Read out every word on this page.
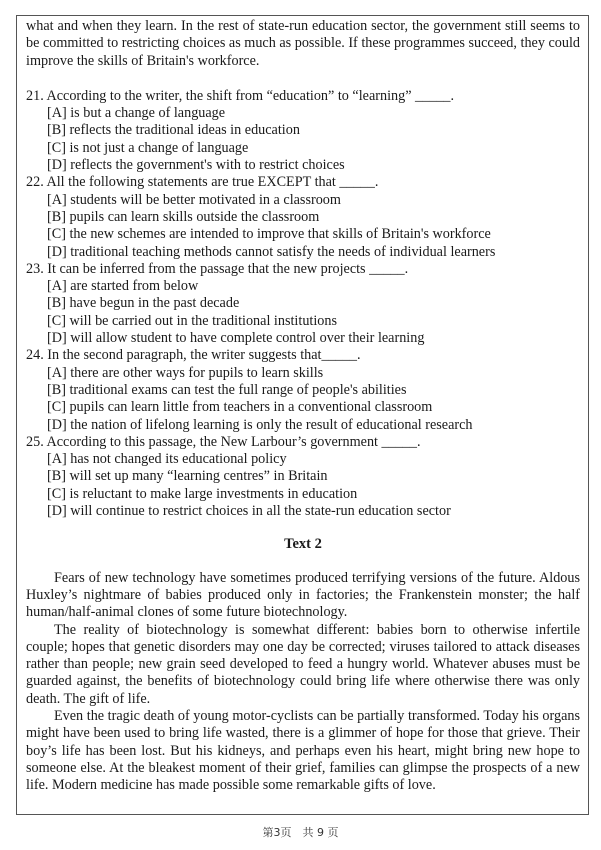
what and when they learn. In the rest of state-run education sector, the government still seems to be committed to restricting choices as much as possible. If these programmes succeed, they could improve the skills of Britain's workforce.

21. According to the writer, the shift from “education” to “learning” _____.

[A] is but a change of language

[B] reflects the traditional ideas in education

[C] is not just a change of language

[D] reflects the government's with to restrict choices

22. All the following statements are true EXCEPT that _____.

[A] students will be better motivated in a classroom

[B] pupils can learn skills outside the classroom

[C] the new schemes are intended to improve that skills of Britain's workforce

[D] traditional teaching methods cannot satisfy the needs of individual learners

23. It can be inferred from the passage that the new projects _____.

[A] are started from below

[B] have begun in the past decade

[C] will be carried out in the traditional institutions

[D] will allow student to have complete control over their learning

24. In the second paragraph, the writer suggests that_____.

[A] there are other ways for pupils to learn skills

[B] traditional exams can test the full range of people's abilities

[C] pupils can learn little from teachers in a conventional classroom

[D] the nation of lifelong learning is only the result of educational research

25. According to this passage, the New Larbour’s government _____.

[A] has not changed its educational policy

[B] will set up many “learning centres” in Britain

[C] is reluctant to make large investments in education

[D] will continue to restrict choices in all the state-run education sector

Text 2

Fears of new technology have sometimes produced terrifying versions of the future. Aldous Huxley’s nightmare of babies produced only in factories; the Frankenstein monster; the half human/half-animal clones of some future biotechnology.

The reality of biotechnology is somewhat different: babies born to otherwise infertile couple; hopes that genetic disorders may one day be corrected; viruses tailored to attack diseases rather than people; new grain seed developed to feed a hungry world. Whatever abuses must be guarded against, the benefits of biotechnology could bring life where otherwise there was only death. The gift of life.

Even the tragic death of young motor-cyclists can be partially transformed. Today his organs might have been used to bring life wasted, there is a glimmer of hope for those that grieve. Their boy’s life has been lost. But his kidneys, and perhaps even his heart, might bring new hope to someone else. At the bleakest moment of their grief, families can glimpse the prospects of a new life. Modern medicine has made possible some remarkable gifts of love.

第3页　共 9 页
